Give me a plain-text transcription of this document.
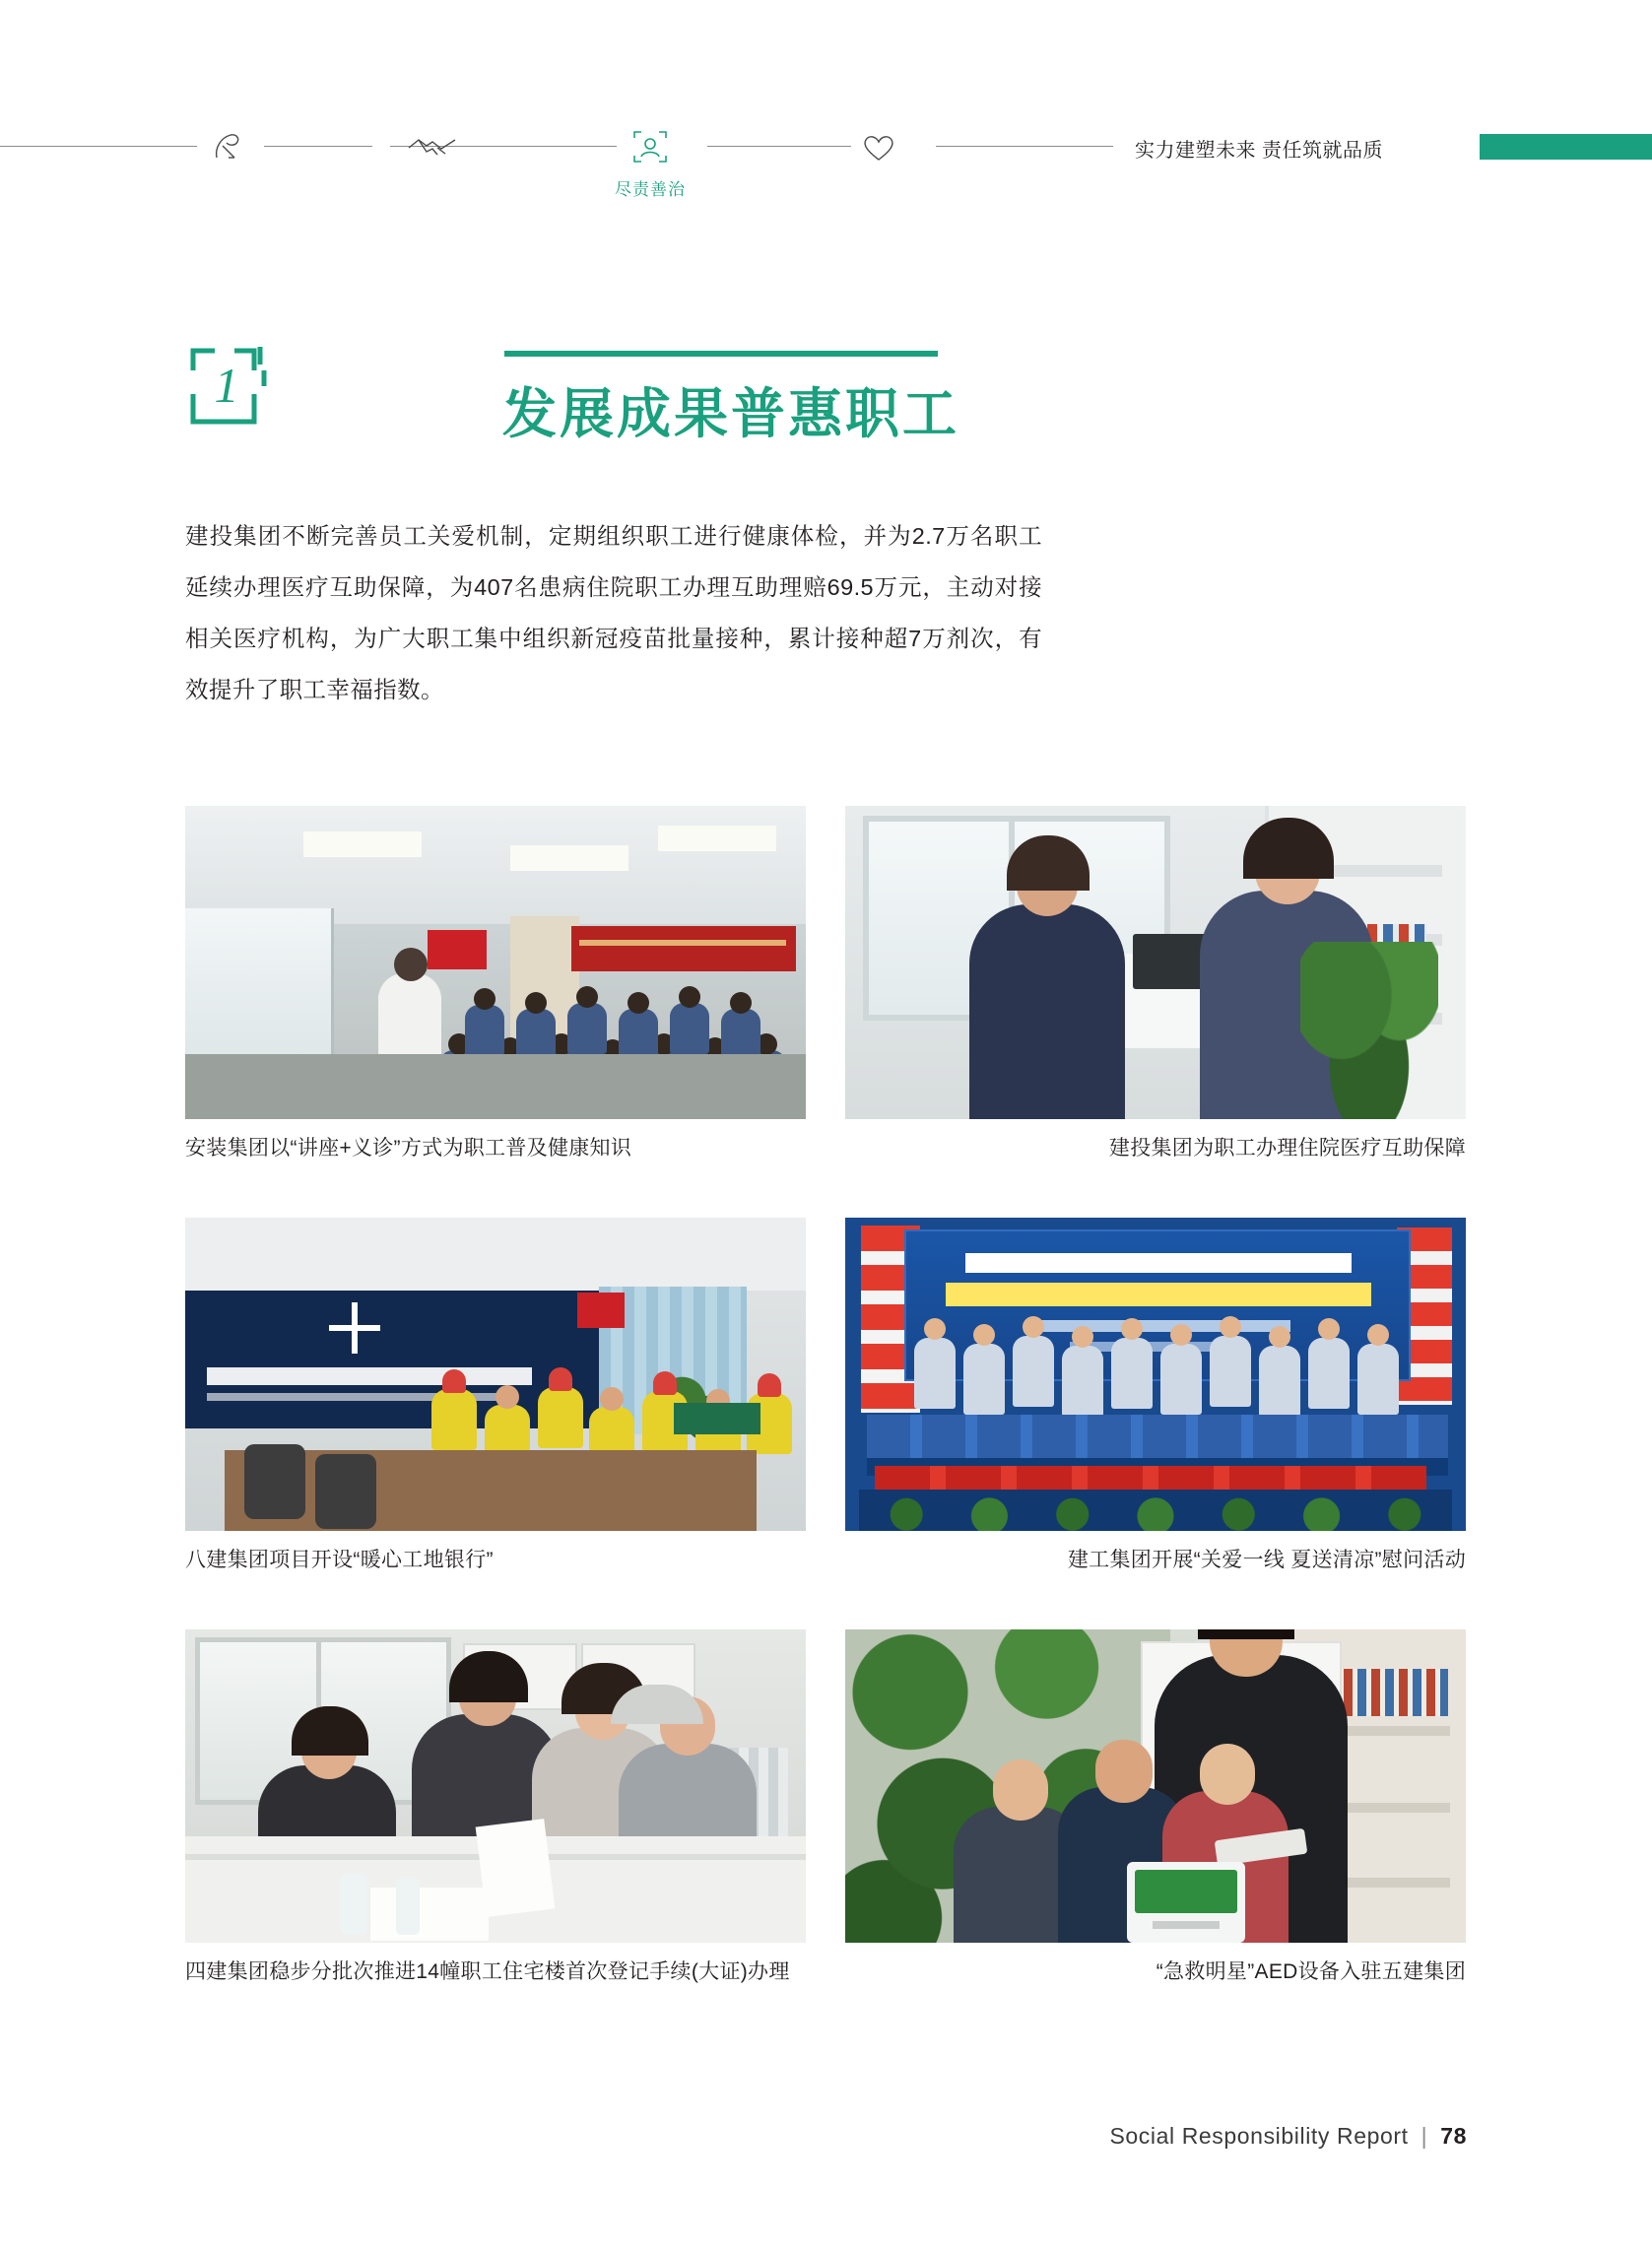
尽责善治
实力建塑未来 责任筑就品质
1	发展成果普惠职工
建投集团不断完善员工关爱机制，定期组织职工进行健康体检，并为2.7万名职工延续办理医疗互助保障，为407名患病住院职工办理互助理赔69.5万元，主动对接相关医疗机构，为广大职工集中组织新冠疫苗批量接种，累计接种超7万剂次，有效提升了职工幸福指数。
安装集团以“讲座+义诊”方式为职工普及健康知识	建投集团为职工办理住院医疗互助保障
八建集团项目开设“暖心工地银行”	建工集团开展“关爱一线 夏送清凉”慰问活动
四建集团稳步分批次推进14幢职工住宅楼首次登记手续(大证)办理	“急救明星”AED设备入驻五建集团
Social Responsibility Report | 78
